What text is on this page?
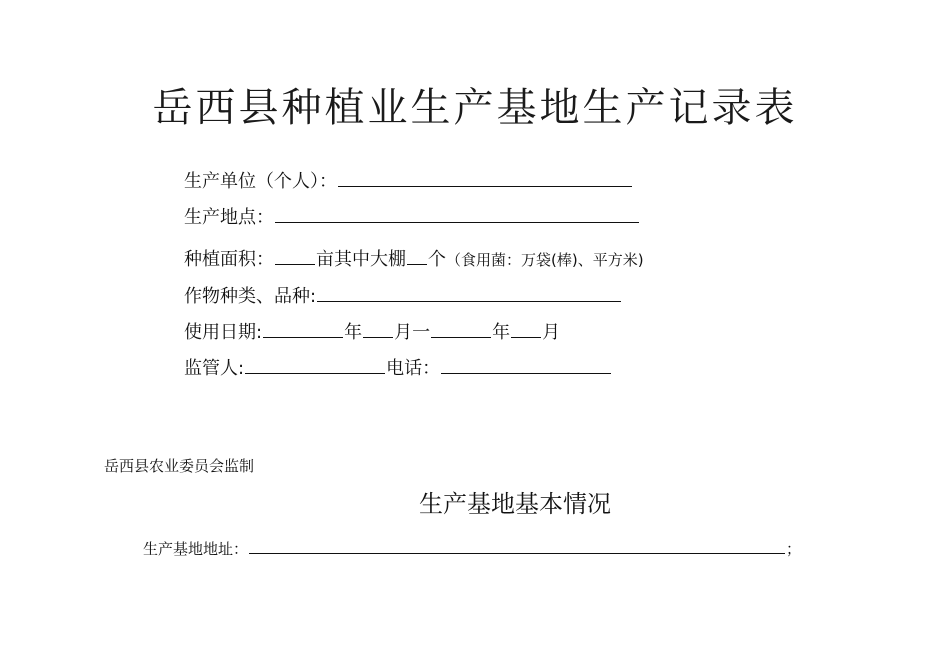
岳西县种植业生产基地生产记录表
生产单位（个人）：
生产地点：
种植面积： 亩其中大棚 个 （食用菌：万袋(棒)、平方米)
作物种类、品种:
使用日期:	年 月一	年 月
监管人:	电话：
岳西县农业委员会监制
生产基地基本情况
生产基地地址：	；
